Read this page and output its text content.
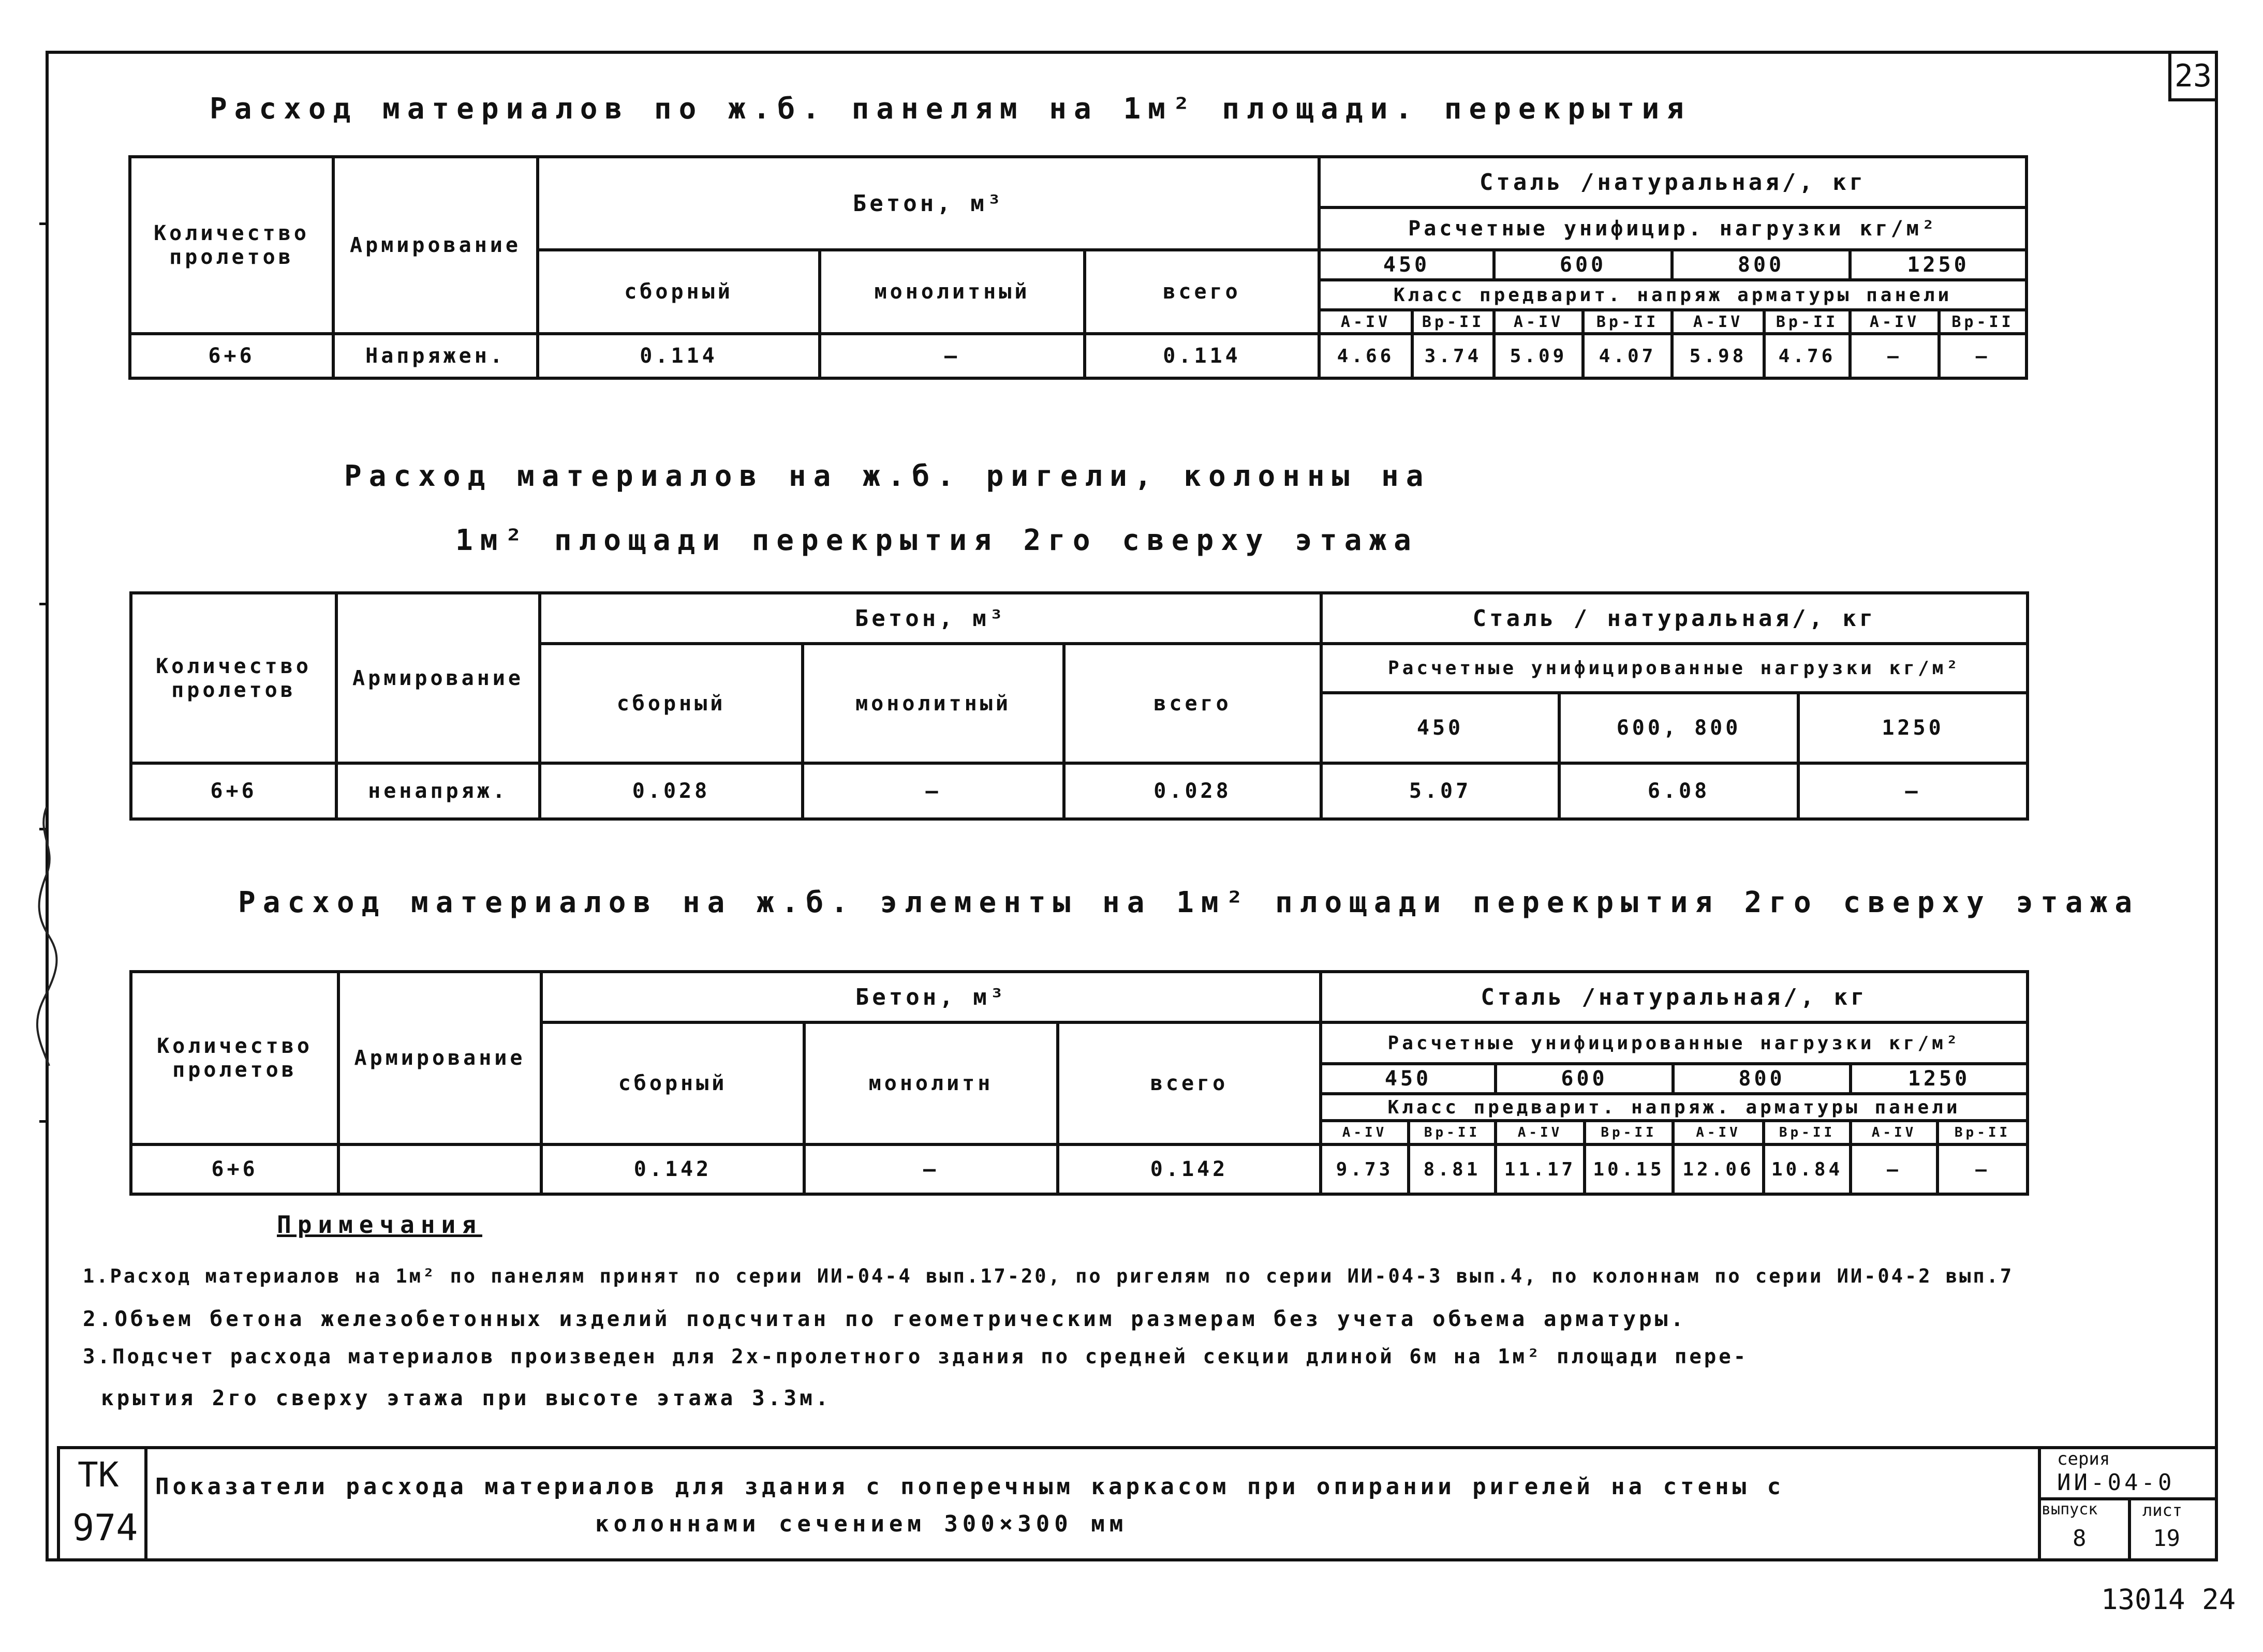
23
Расход материалов по ж.б. панелям на 1м² площади. перекрытия
Количество пролетов	Армирование	Бетон, м³			Сталь /натуральная/, кг							
					Расчетные унифицир. нагрузки кг/м²							
		сборный	монолитный	всего	450		600		800		1250	
					Класс предварит. напряж арматуры панели							
					А-IV	Вр-II	А-IV	Вр-II	А-IV	Вр-II	А-IV	Вр-II
6+6	Напряжен.	0.114	—	0.114	4.66	3.74	5.09	4.07	5.98	4.76	—	—
Расход материалов на ж.б. ригели, колонны на
1м² площади перекрытия 2го сверху этажа
Количество пролетов	Армирование	Бетон, м³			Сталь / натуральная/, кг		
		сборный	монолитный	всего	Расчетные унифицированные нагрузки кг/м²		
					450	600, 800	1250
6+6	ненапряж.	0.028	—	0.028	5.07	6.08	—
Расход материалов на ж.б. элементы на 1м² площади перекрытия 2го сверху этажа
Количество пролетов	Армирование	Бетон, м³			Сталь /натуральная/, кг							
		сборный	монолитн	всего	Расчетные унифицированные нагрузки кг/м²							
					450		600		800		1250	
					Класс предварит. напряж. арматуры панели							
					А-IV	Вр-II	А-IV	Вр-II	А-IV	Вр-II	А-IV	Вр-II
6+6		0.142	—	0.142	9.73	8.81	11.17	10.15	12.06	10.84	—	—
Примечания
1.Расход материалов на 1м² по панелям принят по серии ИИ-04-4 вып.17-20, по ригелям по серии ИИ-04-3 вып.4, по колоннам по серии ИИ-04-2 вып.7
2.Объем бетона железобетонных изделий подсчитан по геометрическим размерам без учета объема арматуры.
3.Подсчет расхода материалов произведен для 2х-пролетного здания по средней секции длиной 6м на 1м² площади пере-
крытия 2го сверху этажа при высоте этажа 3.3м.
ТК
974
Показатели расхода материалов для здания с поперечным каркасом при опирании ригелей на стены с
колоннами сечением 300×300 мм
серия
ИИ-04-0
выпуск
8
лист
19
13014 24
